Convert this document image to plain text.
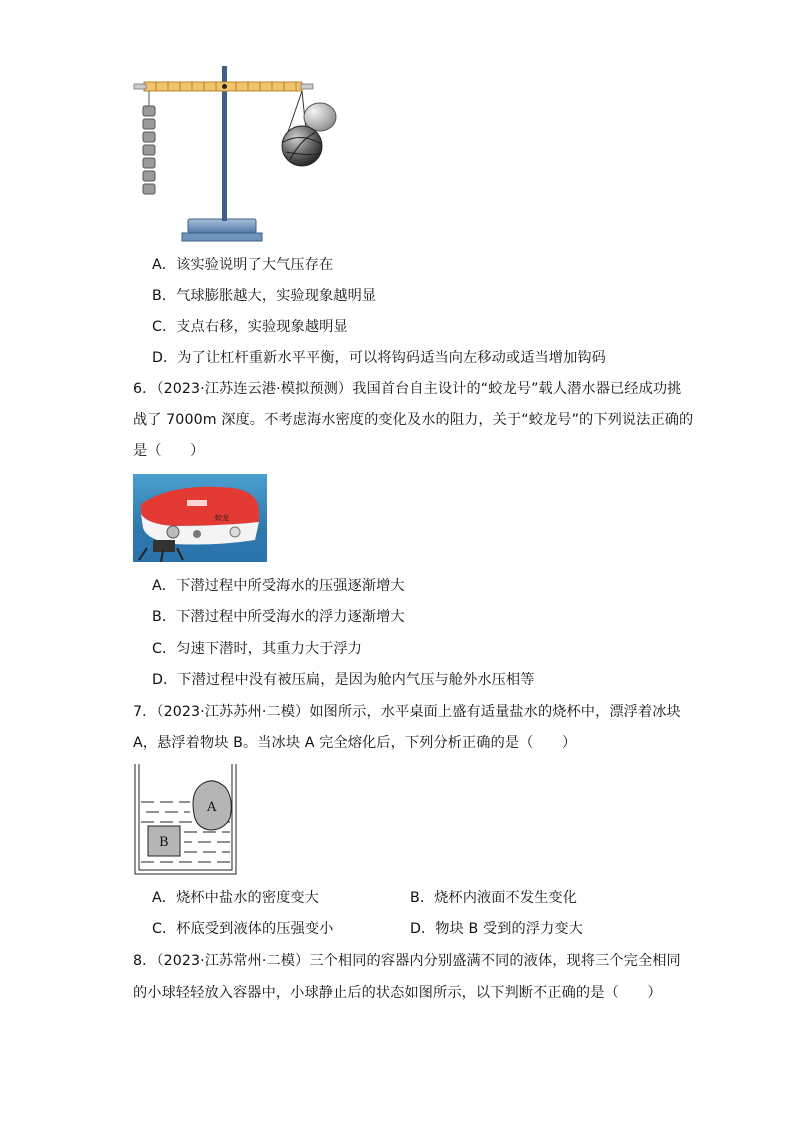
A．该实验说明了大气压存在
B．气球膨胀越大，实验现象越明显
C．支点右移，实验现象越明显
D．为了让杠杆重新水平平衡，可以将钩码适当向左移动或适当增加钩码
6．（2023·江苏连云港·模拟预测）我国首台自主设计的“蛟龙号”载人潜水器已经成功挑
战了 7000m 深度。不考虑海水密度的变化及水的阻力，关于“蛟龙号”的下列说法正确的
是（　　）
蛟龙
A．下潜过程中所受海水的压强逐渐增大
B．下潜过程中所受海水的浮力逐渐增大
C．匀速下潜时，其重力大于浮力
D．下潜过程中没有被压扁，是因为舱内气压与舱外水压相等
7．（2023·江苏苏州·二模）如图所示，水平桌面上盛有适量盐水的烧杯中，漂浮着冰块
A，悬浮着物块 B。当冰块 A 完全熔化后，下列分析正确的是（　　）
A
B
A．烧杯中盐水的密度变大	B．烧杯内液面不发生变化
C．杯底受到液体的压强变小	D．物块 B 受到的浮力变大
8．（2023·江苏常州·二模）三个相同的容器内分别盛满不同的液体，现将三个完全相同
的小球轻轻放入容器中，小球静止后的状态如图所示，以下判断不正确的是（　　）
